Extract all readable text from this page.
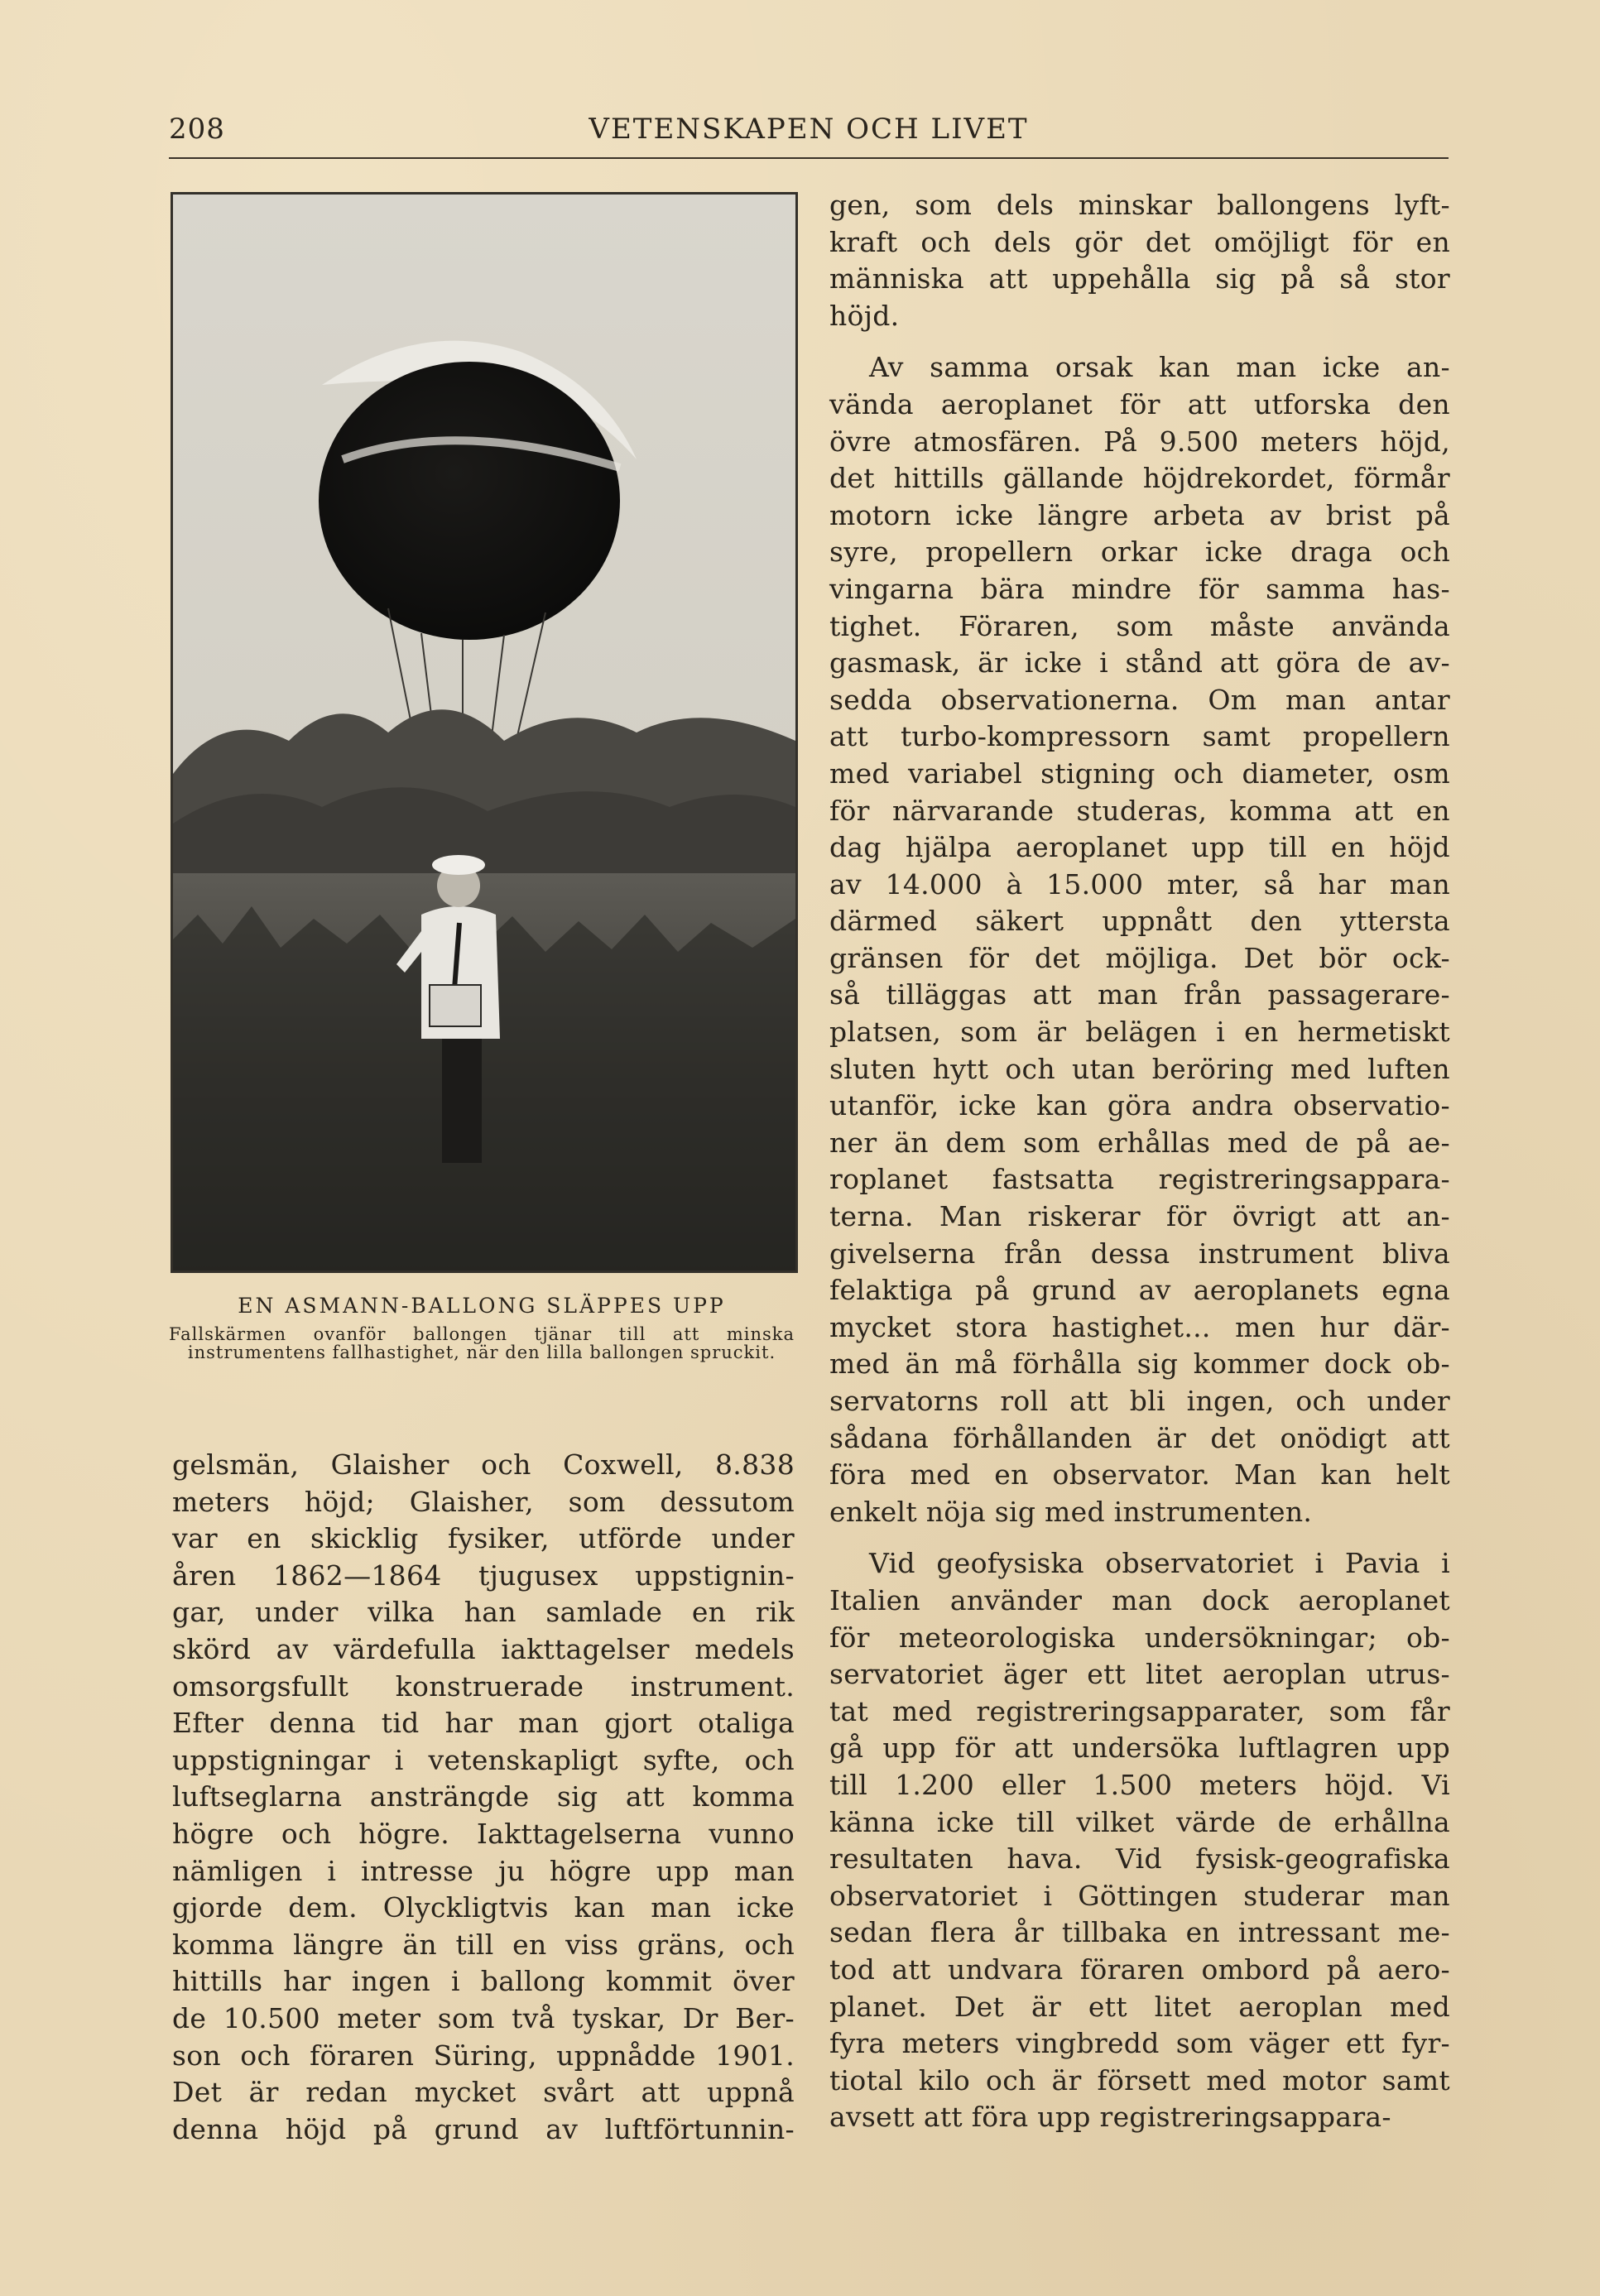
208	VETENSKAPEN OCH LIVET
EN ASMANN-BALLONG SLÄPPES UPP
Fallskärmen ovanför ballongen tjänar till att minska instrumentens fallhastighet, när den lilla ballongen spruckit.

gelsmän, Glaisher och Coxwell, 8.838

meters höjd; Glaisher, som dessutom

var en skicklig fysiker, utförde under

åren 1862—1864 tjugusex uppstignin-

gar, under vilka han samlade en rik

skörd av värdefulla iakttagelser medels

omsorgsfullt konstruerade instrument.

Efter denna tid har man gjort otaliga

uppstigningar i vetenskapligt syfte, och

luftseglarna ansträngde sig att komma

högre och högre. Iakttagelserna vunno

nämligen i intresse ju högre upp man

gjorde dem. Olyckligtvis kan man icke

komma längre än till en viss gräns, och

hittills har ingen i ballong kommit över

de 10.500 meter som två tyskar, Dr Ber-

son och föraren Süring, uppnådde 1901.

Det är redan mycket svårt att uppnå

denna höjd på grund av luftförtunnin-

gen, som dels minskar ballongens lyft-

kraft och dels gör det omöjligt för en

människa att uppehålla sig på så stor

höjd.

Av samma orsak kan man icke an-

vända aeroplanet för att utforska den

övre atmosfären. På 9.500 meters höjd,

det hittills gällande höjdrekordet, förmår

motorn icke längre arbeta av brist på

syre, propellern orkar icke draga och

vingarna bära mindre för samma has-

tighet. Föraren, som måste använda

gasmask, är icke i stånd att göra de av-

sedda observationerna. Om man antar

att turbo-kompressorn samt propellern

med variabel stigning och diameter, osm

för närvarande studeras, komma att en

dag hjälpa aeroplanet upp till en höjd

av 14.000 à 15.000 mter, så har man

därmed säkert uppnått den yttersta

gränsen för det möjliga. Det bör ock-

så tilläggas att man från passagerare-

platsen, som är belägen i en hermetiskt

sluten hytt och utan beröring med luften

utanför, icke kan göra andra observatio-

ner än dem som erhållas med de på ae-

roplanet fastsatta registreringsappara-

terna. Man riskerar för övrigt att an-

givelserna från dessa instrument bliva

felaktiga på grund av aeroplanets egna

mycket stora hastighet... men hur där-

med än må förhålla sig kommer dock ob-

servatorns roll att bli ingen, och under

sådana förhållanden är det onödigt att

föra med en observator. Man kan helt

enkelt nöja sig med instrumenten.

Vid geofysiska observatoriet i Pavia i

Italien använder man dock aeroplanet

för meteorologiska undersökningar; ob-

servatoriet äger ett litet aeroplan utrus-

tat med registreringsapparater, som får

gå upp för att undersöka luftlagren upp

till 1.200 eller 1.500 meters höjd. Vi

känna icke till vilket värde de erhållna

resultaten hava. Vid fysisk-geografiska

observatoriet i Göttingen studerar man

sedan flera år tillbaka en intressant me-

tod att undvara föraren ombord på aero-

planet. Det är ett litet aeroplan med

fyra meters vingbredd som väger ett fyr-

tiotal kilo och är försett med motor samt

avsett att föra upp registreringsappara-
